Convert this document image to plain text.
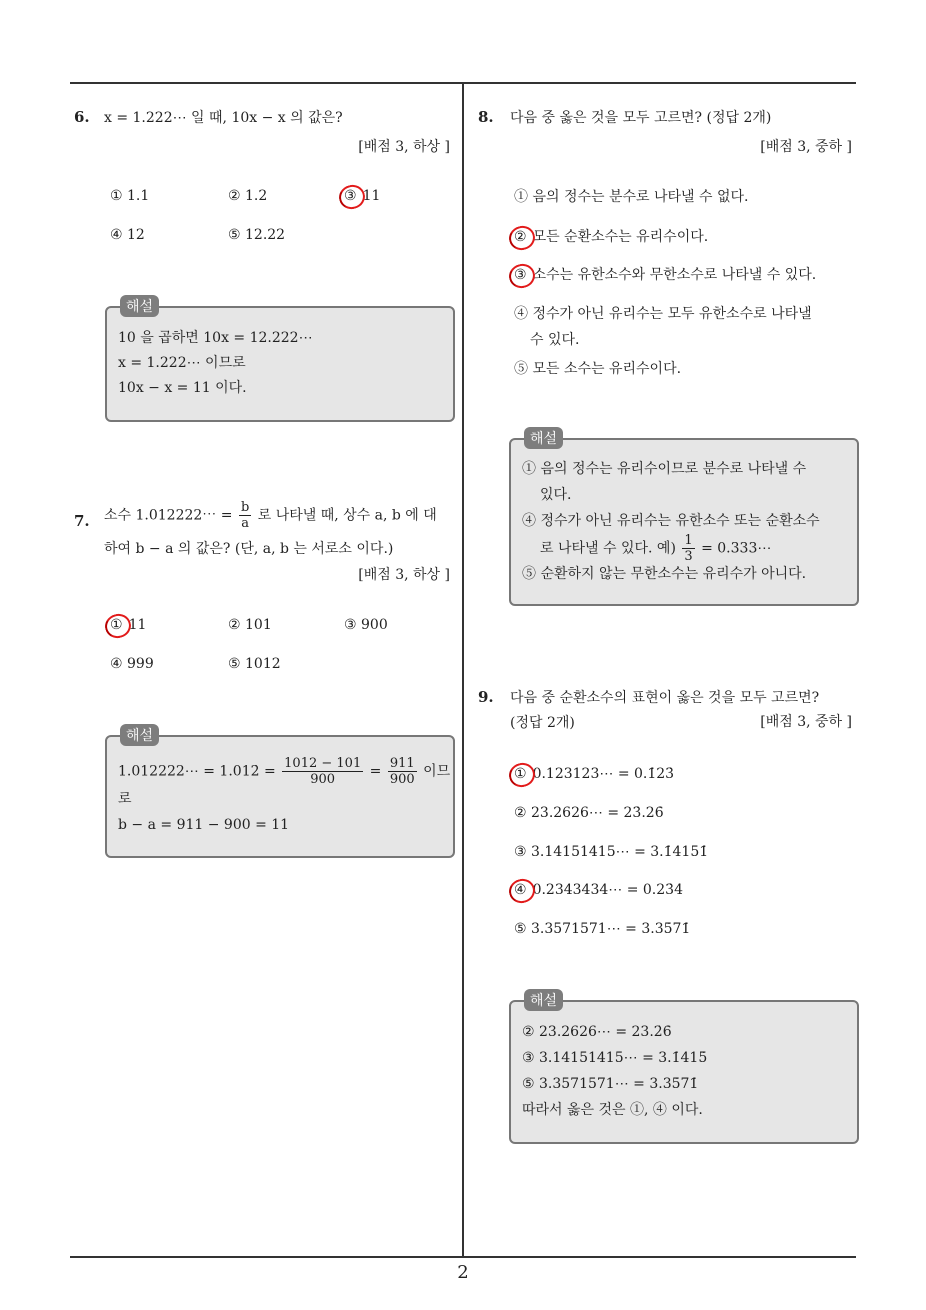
2
6. x = 1.222⋯ 일 때, 10x − x 의 값은?
[배점 3, 하상 ]
① 1.1	② 1.2	③ 11
④ 12	⑤ 12.22
해설
10 을 곱하면 10x = 12.222⋯
x = 1.222⋯ 이므로
10x − x = 11 이다.
7. 소수 1.012222⋯ = $\frac{b}{a}$ 로 나타낼 때, 상수 a, b 에 대
하여 b − a 의 값은? (단, a, b 는 서로소 이다.)
[배점 3, 하상 ]
① 11	② 101	③ 900
④ 999	⑤ 1012
해설
1.012222⋯ = 1.012̇ = $\frac{1012 - 101}{900} = \frac{911}{900}$ 이므
로
b − a = 911 − 900 = 11
8. 다음 중 옳은 것을 모두 고르면? (정답 2개)
[배점 3, 중하 ]
① 음의 정수는 분수로 나타낼 수 없다.
② 모든 순환소수는 유리수이다.
③ 소수는 유한소수와 무한소수로 나타낼 수 있다.
④ 정수가 아닌 유리수는 모두 유한소수로 나타낼
수 있다.
⑤ 모든 소수는 유리수이다.
해설
① 음의 정수는 유리수이므로 분수로 나타낼 수
있다.
④ 정수가 아닌 유리수는 유한소수 또는 순환소수
로 나타낼 수 있다. 예) $\frac{1}{3}$ = 0.333⋯
⑤ 순환하지 않는 무한소수는 유리수가 아니다.
9. 다음 중 순환소수의 표현이 옳은 것을 모두 고르면?
(정답 2개)	[배점 3, 중하 ]
① 0.123123⋯ = 0.1̇23̇
② 23.2626⋯ = 23̇.26̇
③ 3.14151415⋯ = 3.1̇4151̇
④ 0.2343434⋯ = 0.23̇4̇
⑤ 3.3571571⋯ = 3.35̇71̇
해설
② 23.2626⋯ = 23.2̇6̇
③ 3.14151415⋯ = 3.1̇415̇
⑤ 3.3571571⋯ = 3.35̇71̇
따라서 옳은 것은 ①, ④ 이다.
